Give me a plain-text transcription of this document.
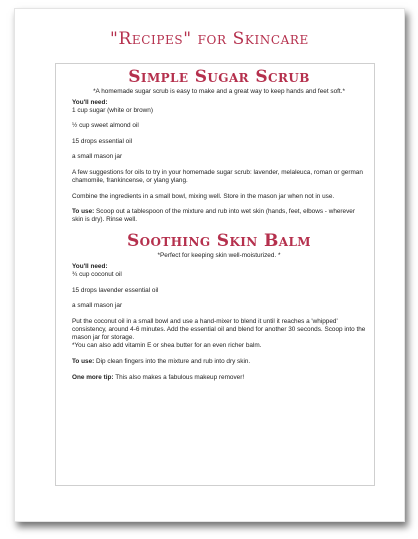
"Recipes" for Skincare
Simple Sugar Scrub

*A homemade sugar scrub is easy to make and a great way to keep hands and feet soft.*

You'll need:

1 cup sugar (white or brown)

½ cup sweet almond oil

15 drops essential oil

a small mason jar

A few suggestions for oils to try in your homemade sugar scrub: lavender, melaleuca, roman or german chamomile, frankincense, or ylang ylang.

Combine the ingredients in a small bowl, mixing well. Store in the mason jar when not in use.

To use: Scoop out a tablespoon of the mixture and rub into wet skin (hands, feet, elbows - wherever skin is dry). Rinse well.

Soothing Skin Balm

*Perfect for keeping skin well-moisturized. *

You'll need:

¾ cup coconut oil

15 drops lavender essential oil

a small mason jar

Put the coconut oil in a small bowl and use a hand-mixer to blend it until it reaches a 'whipped' consistency, around 4-6 minutes. Add the essential oil and blend for another 30 seconds. Scoop into the mason jar for storage.

*You can also add vitamin E or shea butter for an even richer balm.

To use: Dip clean fingers into the mixture and rub into dry skin.

One more tip: This also makes a fabulous makeup remover!
